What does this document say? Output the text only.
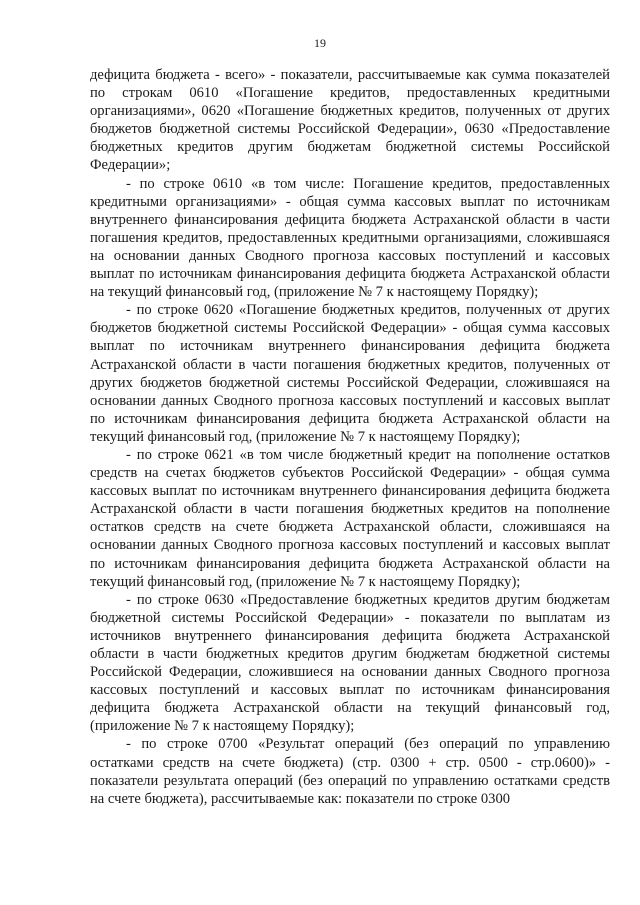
19

дефицита бюджета - всего» - показатели, рассчитываемые как сумма показателей по строкам 0610 «Погашение кредитов, предоставленных кредитными организациями», 0620 «Погашение бюджетных кредитов, полученных от других бюджетов бюджетной системы Российской Федерации», 0630 «Предоставление бюджетных кредитов другим бюджетам бюджетной системы Российской Федерации»;

- по строке 0610 «в том числе: Погашение кредитов, предоставленных кредитными организациями» - общая сумма кассовых выплат по источникам внутреннего финансирования дефицита бюджета Астраханской области в части погашения кредитов, предоставленных кредитными организациями, сложившаяся на основании данных Сводного прогноза кассовых поступлений и кассовых выплат по источникам финансирования дефицита бюджета Астраханской области на текущий финансовый год, (приложение № 7 к настоящему Порядку);

- по строке 0620 «Погашение бюджетных кредитов, полученных от других бюджетов бюджетной системы Российской Федерации» - общая сумма кассовых выплат по источникам внутреннего финансирования дефицита бюджета Астраханской области в части погашения бюджетных кредитов, полученных от других бюджетов бюджетной системы Российской Федерации, сложившаяся на основании данных Сводного прогноза кассовых поступлений и кассовых выплат по источникам финансирования дефицита бюджета Астраханской области на текущий финансовый год, (приложение № 7 к настоящему Порядку);

- по строке 0621 «в том числе бюджетный кредит на пополнение остатков средств на счетах бюджетов субъектов Российской Федерации» - общая сумма кассовых выплат по источникам внутреннего финансирования дефицита бюджета Астраханской области в части погашения бюджетных кредитов на пополнение остатков средств на счете бюджета Астраханской области, сложившаяся на основании данных Сводного прогноза кассовых поступлений и кассовых выплат по источникам финансирования дефицита бюджета Астраханской области на текущий финансовый год, (приложение № 7 к настоящему Порядку);

- по строке 0630 «Предоставление бюджетных кредитов другим бюджетам бюджетной системы Российской Федерации» - показатели по выплатам из источников внутреннего финансирования дефицита бюджета Астраханской области в части бюджетных кредитов другим бюджетам бюджетной системы Российской Федерации, сложившиеся на основании данных Сводного прогноза кассовых поступлений и кассовых выплат по источникам финансирования дефицита бюджета Астраханской области на текущий финансовый год, (приложение № 7 к настоящему Порядку);

- по строке 0700 «Результат операций (без операций по управлению остатками средств на счете бюджета) (стр. 0300 + стр. 0500 - стр.0600)» - показатели результата операций (без операций по управлению остатками средств на счете бюджета), рассчитываемые как: показатели по строке 0300
